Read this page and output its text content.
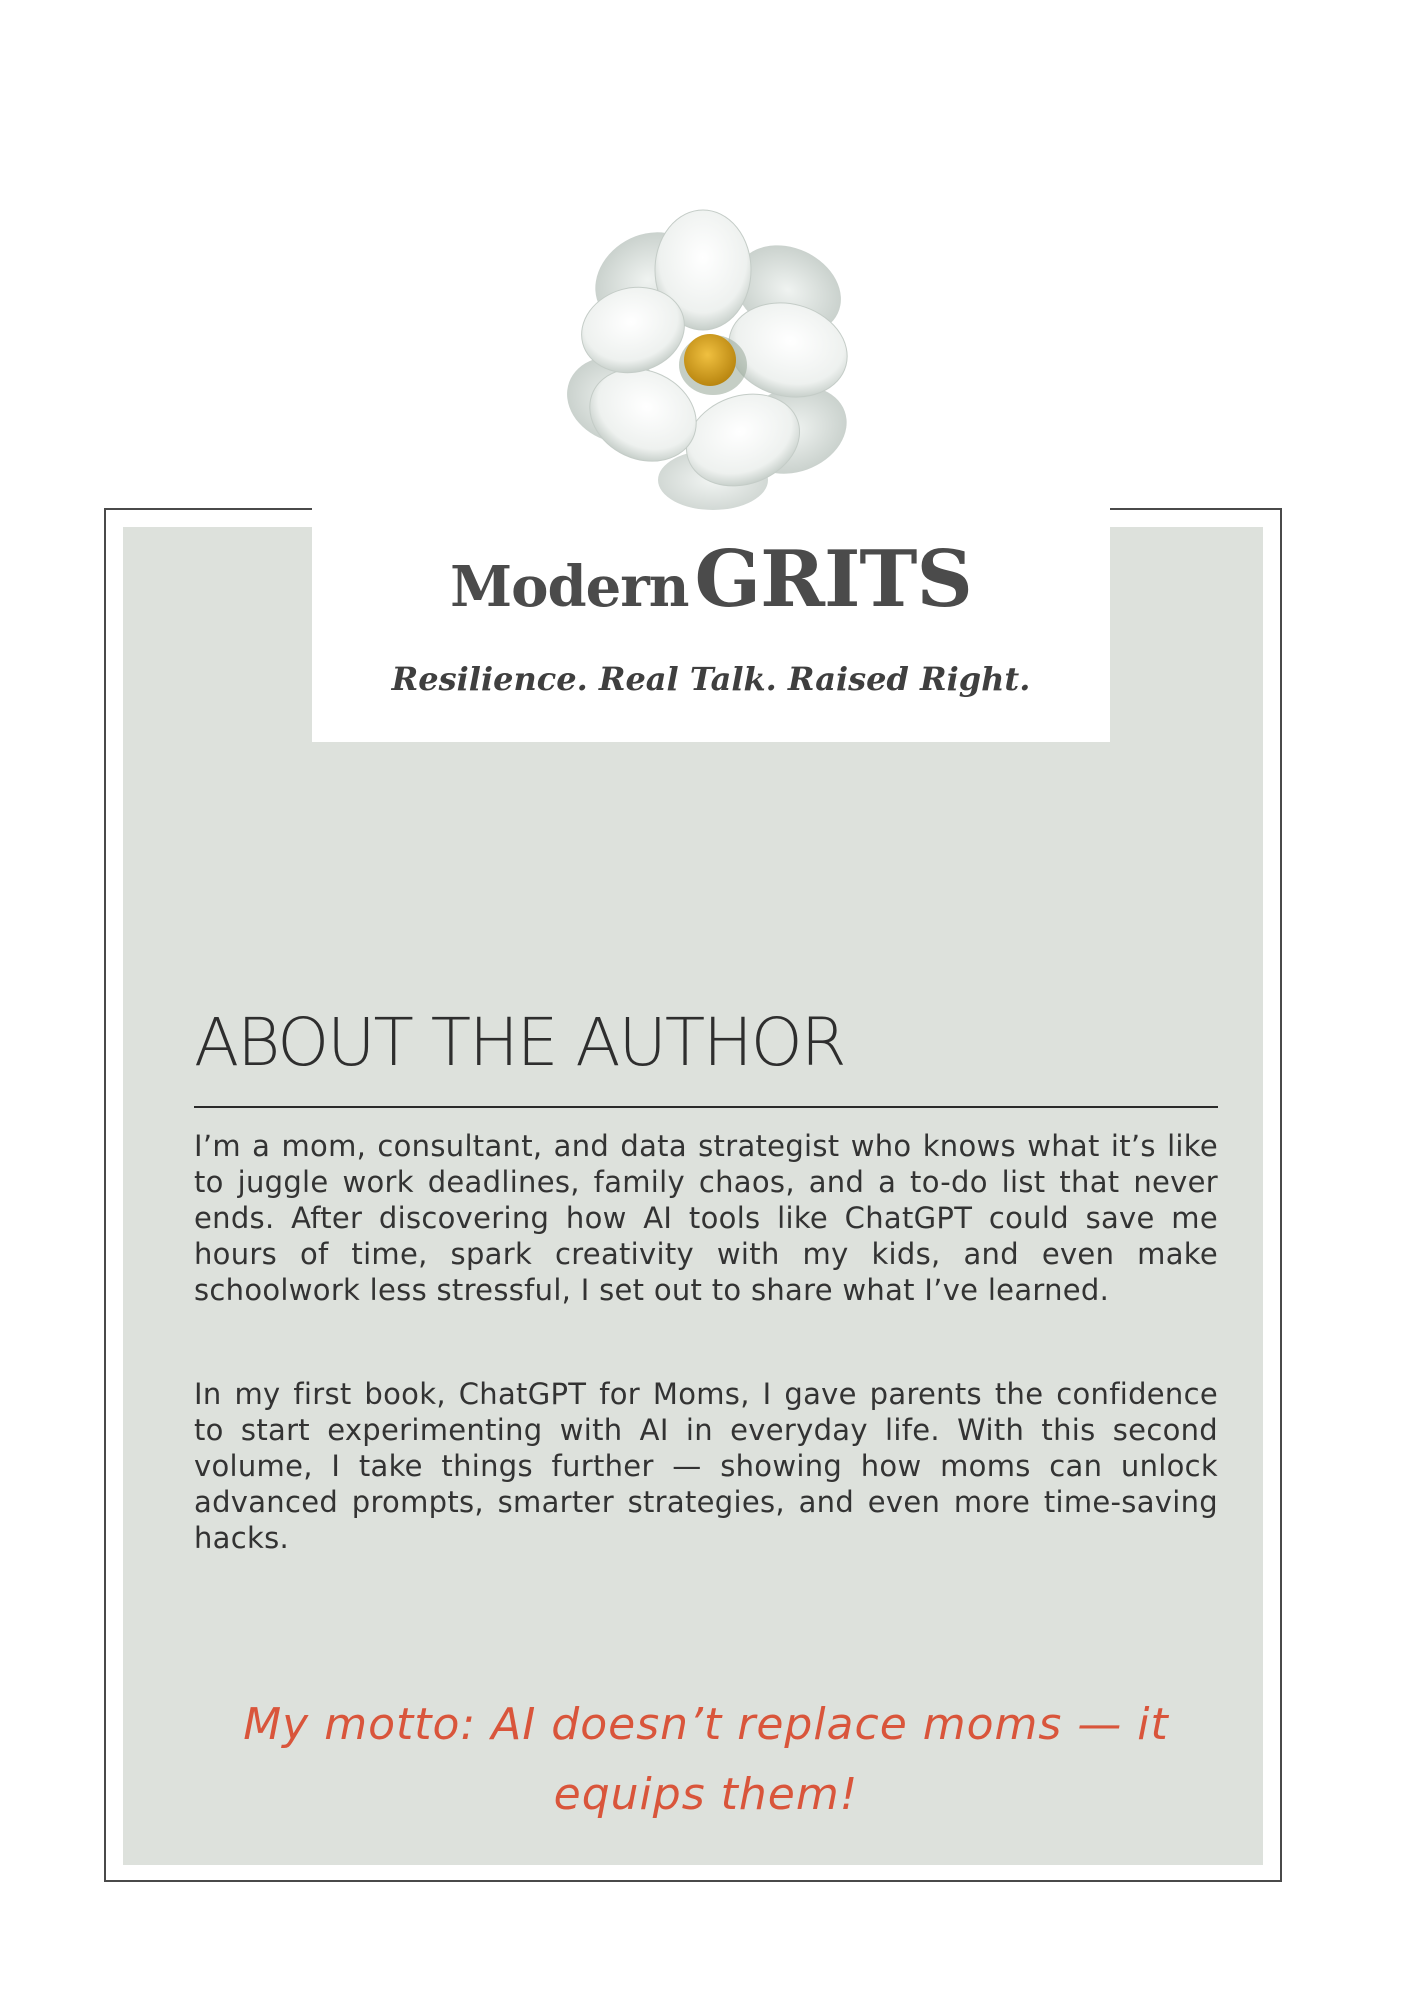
ModernGRITS
Resilience. Real Talk. Raised Right.
ABOUT THE AUTHOR

I’m a mom, consultant, and data strategist who knows what it’s like to juggle work deadlines, family chaos, and a to-do list that never ends. After discovering how AI tools like ChatGPT could save me hours of time, spark creativity with my kids, and even make schoolwork less stressful, I set out to share what I’ve learned.

In my first book, ChatGPT for Moms, I gave parents the confidence to start experimenting with AI in everyday life. With this second volume, I take things further — showing how moms can unlock advanced prompts, smarter strategies, and even more time-saving hacks.

My motto: AI doesn’t replace moms — it equips them!
